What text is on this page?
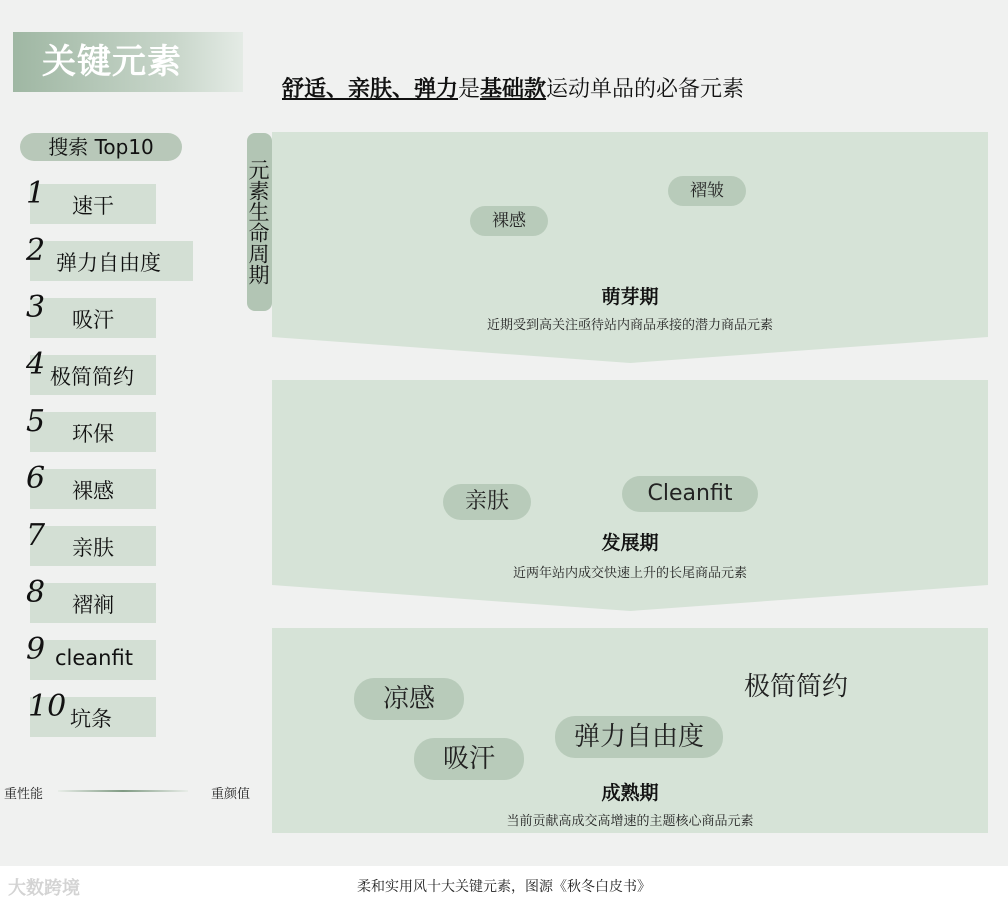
关键元素
舒适、亲肤、弹力是基础款运动单品的必备元素
搜索 Top10
1 速干
2 弹力自由度
3 吸汗
4 极简简约
5 环保
6 裸感
7 亲肤
8 褶裥
9 cleanfit
10 坑条
元素生命周期	裸感
褶皱
萌芽期
近期受到高关注亟待站内商品承接的潜力商品元素
亲肤	Cleanfit
发展期
近两年站内成交快速上升的长尾商品元素
凉感
吸汗
弹力自由度
极简简约
成熟期
当前贡献高成交高增速的主题核心商品元素
重性能	重颜值
大数跨境	柔和实用风十大关键元素，图源《秋冬白皮书》
